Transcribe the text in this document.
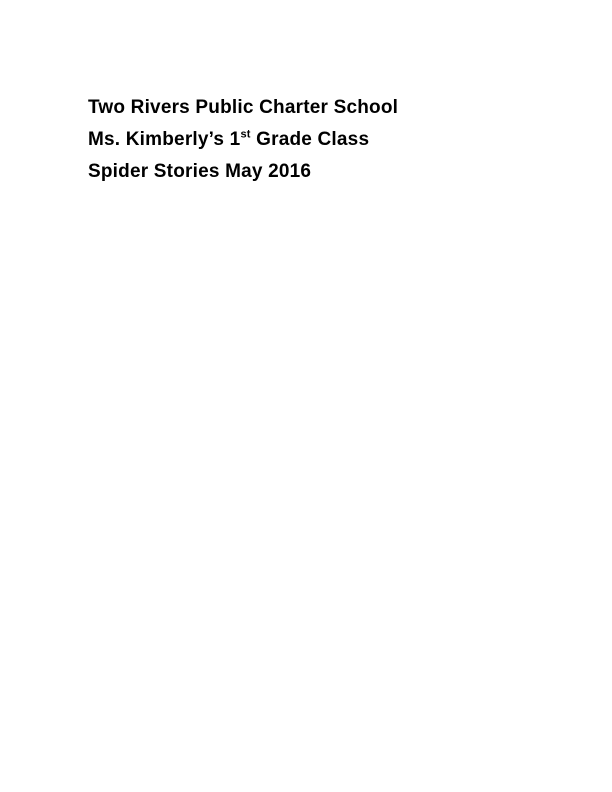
Two Rivers Public Charter School

Ms. Kimberly’s 1st Grade Class

Spider Stories May 2016
